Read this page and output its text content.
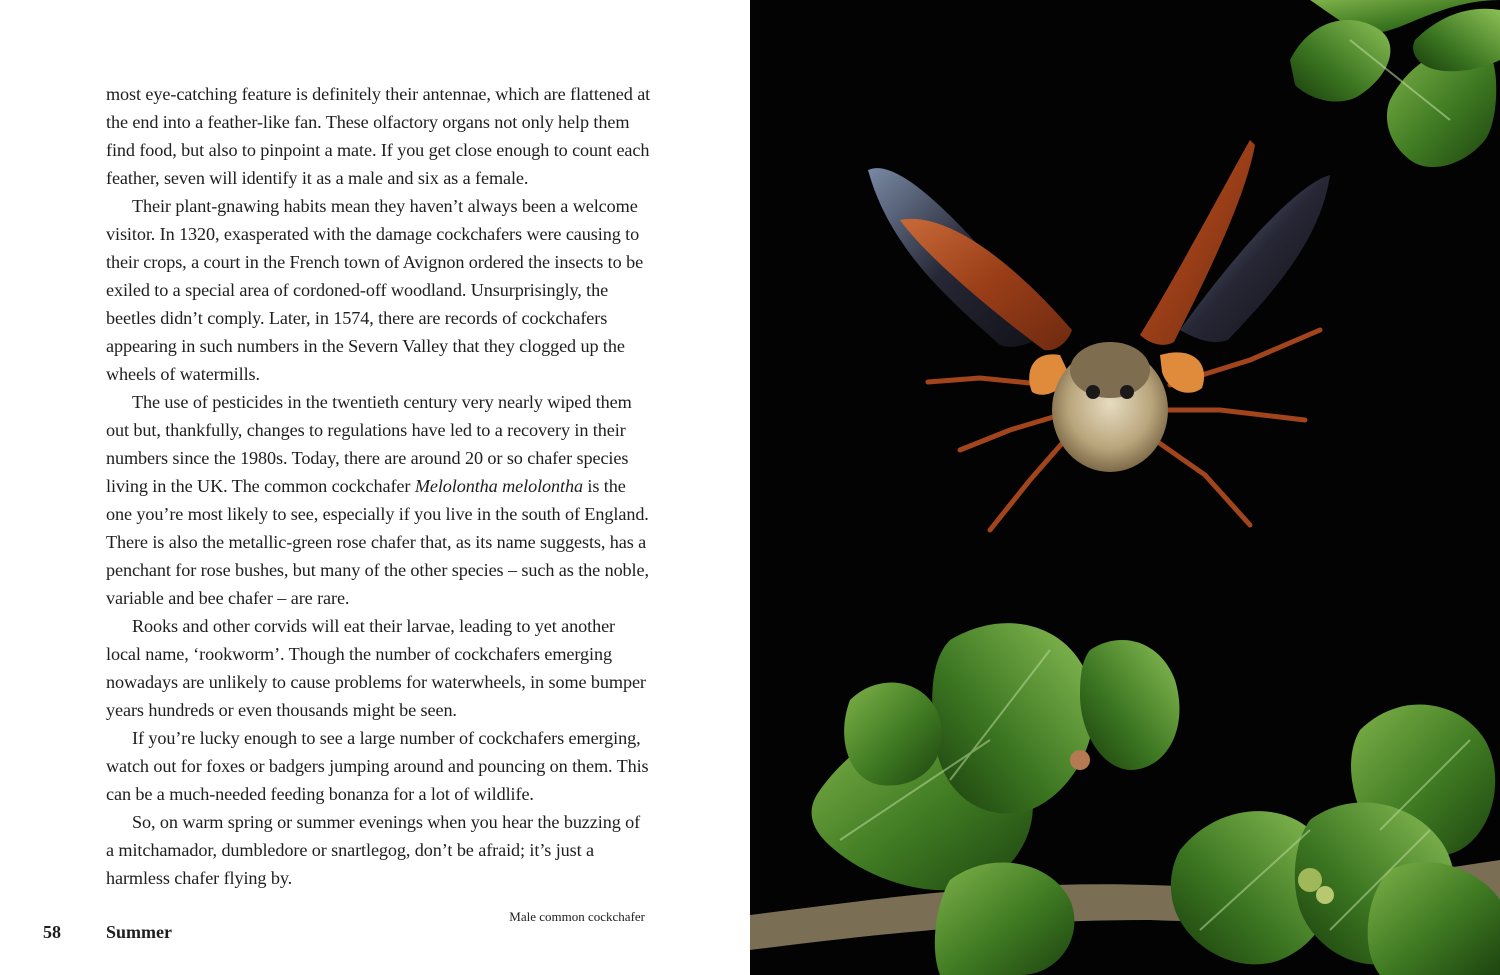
most eye-catching feature is definitely their antennae, which are flattened at the end into a feather-like fan. These olfactory organs not only help them find food, but also to pinpoint a mate. If you get close enough to count each feather, seven will identify it as a male and six as a female.

Their plant-gnawing habits mean they haven’t always been a welcome visitor. In 1320, exasperated with the damage cockchafers were causing to their crops, a court in the French town of Avignon ordered the insects to be exiled to a special area of cordoned-off woodland. Unsurprisingly, the beetles didn’t comply. Later, in 1574, there are records of cockchafers appearing in such numbers in the Severn Valley that they clogged up the wheels of watermills.

The use of pesticides in the twentieth century very nearly wiped them out but, thankfully, changes to regulations have led to a recovery in their numbers since the 1980s. Today, there are around 20 or so chafer species living in the UK. The common cockchafer Melolontha melolontha is the one you’re most likely to see, especially if you live in the south of England. There is also the metallic-green rose chafer that, as its name suggests, has a penchant for rose bushes, but many of the other species – such as the noble, variable and bee chafer – are rare.

Rooks and other corvids will eat their larvae, leading to yet another local name, ‘rookworm’. Though the number of cockchafers emerging nowadays are unlikely to cause problems for waterwheels, in some bumper years hundreds or even thousands might be seen.

If you’re lucky enough to see a large number of cockchafers emerging, watch out for foxes or badgers jumping around and pouncing on them. This can be a much-needed feeding bonanza for a lot of wildlife.

So, on warm spring or summer evenings when you hear the buzzing of a mitchamador, dumbledore or snartlegog, don’t be afraid; it’s just a harmless chafer flying by.

Male common cockchafer
58	Summer
